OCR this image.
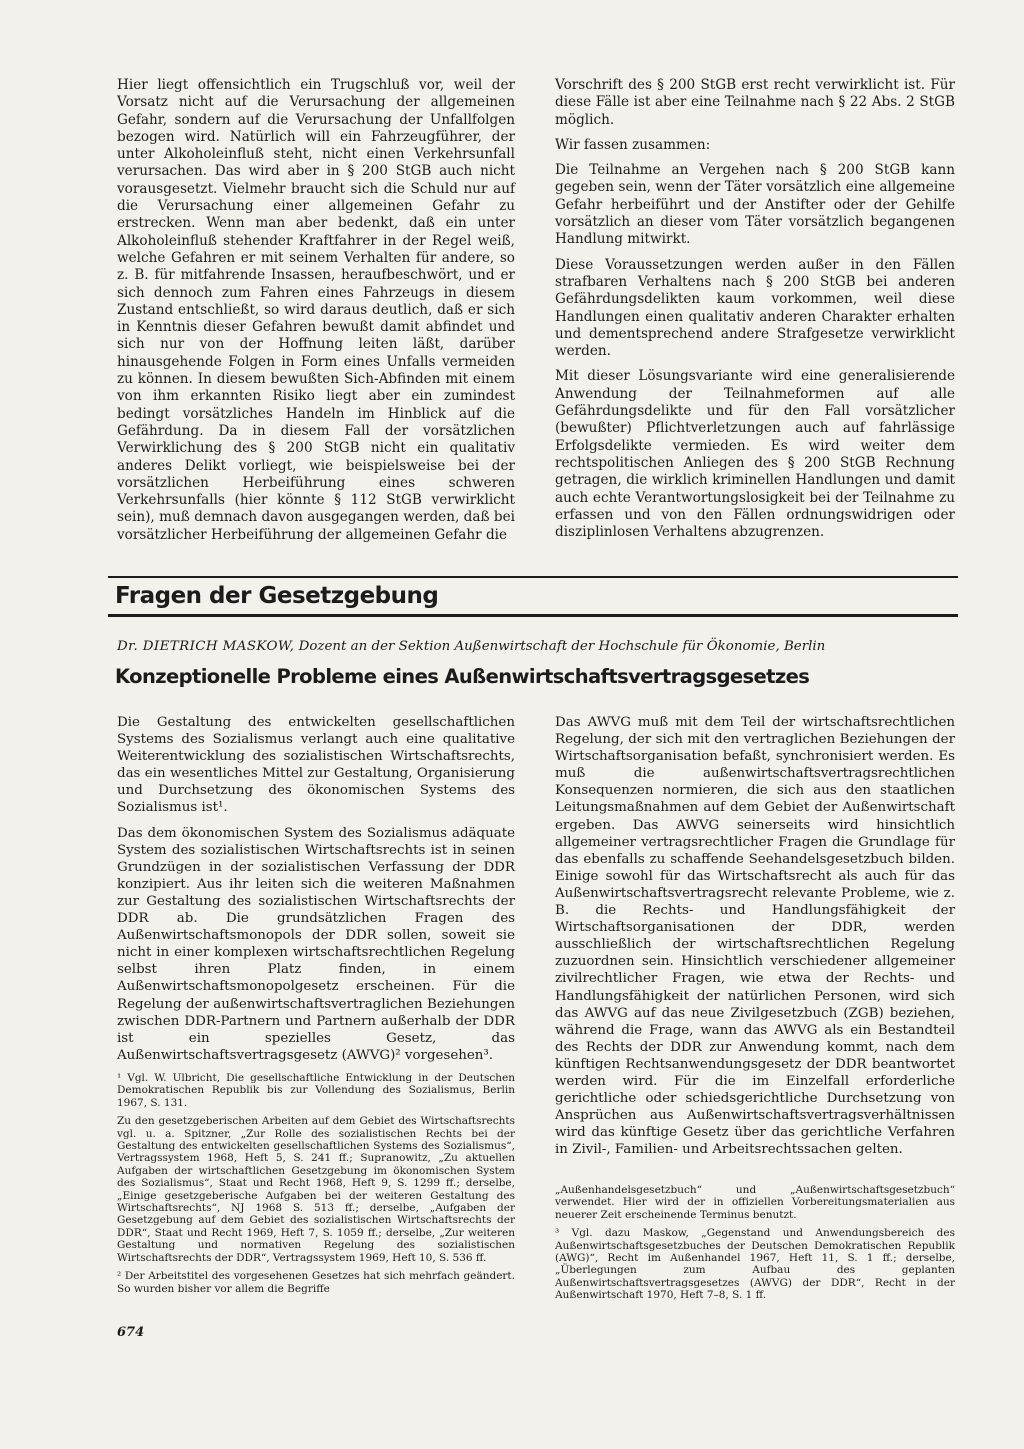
Hier liegt offensichtlich ein Trugschluß vor, weil der Vorsatz nicht auf die Verursachung der allgemeinen Gefahr, sondern auf die Verursachung der Unfallfolgen bezogen wird. Natürlich will ein Fahrzeugführer, der unter Alkoholeinfluß steht, nicht einen Verkehrsunfall verursachen. Das wird aber in § 200 StGB auch nicht vorausgesetzt. Vielmehr braucht sich die Schuld nur auf die Verursachung einer allgemeinen Gefahr zu erstrecken. Wenn man aber bedenkt, daß ein unter Alkoholeinfluß stehender Kraftfahrer in der Regel weiß, welche Gefahren er mit seinem Verhalten für andere, so z. B. für mitfahrende Insassen, heraufbeschwört, und er sich dennoch zum Fahren eines Fahrzeugs in diesem Zustand entschließt, so wird daraus deutlich, daß er sich in Kenntnis dieser Gefahren bewußt damit abfindet und sich nur von der Hoffnung leiten läßt, darüber hinausgehende Folgen in Form eines Unfalls vermeiden zu können. In diesem bewußten Sich-Abfinden mit einem von ihm erkannten Risiko liegt aber ein zumindest bedingt vorsätzliches Handeln im Hinblick auf die Gefährdung. Da in diesem Fall der vorsätzlichen Verwirklichung des § 200 StGB nicht ein qualitativ anderes Delikt vorliegt, wie beispielsweise bei der vorsätzlichen Herbeiführung eines schweren Verkehrsunfalls (hier könnte § 112 StGB verwirklicht sein), muß demnach davon ausgegangen werden, daß bei vorsätzlicher Herbeiführung der allgemeinen Gefahr die

Vorschrift des § 200 StGB erst recht verwirklicht ist. Für diese Fälle ist aber eine Teilnahme nach § 22 Abs. 2 StGB möglich.

Wir fassen zusammen:

Die Teilnahme an Vergehen nach § 200 StGB kann gegeben sein, wenn der Täter vorsätzlich eine allgemeine Gefahr herbeiführt und der Anstifter oder der Gehilfe vorsätzlich an dieser vom Täter vorsätzlich begangenen Handlung mitwirkt.

Diese Voraussetzungen werden außer in den Fällen strafbaren Verhaltens nach § 200 StGB bei anderen Gefährdungsdelikten kaum vorkommen, weil diese Handlungen einen qualitativ anderen Charakter erhalten und dementsprechend andere Strafgesetze verwirklicht werden.

Mit dieser Lösungsvariante wird eine generalisierende Anwendung der Teilnahmeformen auf alle Gefährdungsdelikte und für den Fall vorsätzlicher (bewußter) Pflichtverletzungen auch auf fahrlässige Erfolgsdelikte vermieden. Es wird weiter dem rechtspolitischen Anliegen des § 200 StGB Rechnung getragen, die wirklich kriminellen Handlungen und damit auch echte Verantwortungslosigkeit bei der Teilnahme zu erfassen und von den Fällen ordnungswidrigen oder disziplinlosen Verhaltens abzugrenzen.

Fragen der Gesetzgebung

Dr. DIETRICH MASKOW, Dozent an der Sektion Außenwirtschaft der Hochschule für Ökonomie, Berlin

Konzeptionelle Probleme eines Außenwirtschaftsvertragsgesetzes

Die Gestaltung des entwickelten gesellschaftlichen Systems des Sozialismus verlangt auch eine qualitative Weiterentwicklung des sozialistischen Wirtschaftsrechts, das ein wesentliches Mittel zur Gestaltung, Organisierung und Durchsetzung des ökonomischen Systems des Sozialismus ist¹.

Das dem ökonomischen System des Sozialismus adäquate System des sozialistischen Wirtschaftsrechts ist in seinen Grundzügen in der sozialistischen Verfassung der DDR konzipiert. Aus ihr leiten sich die weiteren Maßnahmen zur Gestaltung des sozialistischen Wirtschaftsrechts der DDR ab. Die grundsätzlichen Fragen des Außenwirtschaftsmonopols der DDR sollen, soweit sie nicht in einer komplexen wirtschaftsrechtlichen Regelung selbst ihren Platz finden, in einem Außenwirtschaftsmonopolgesetz erscheinen. Für die Regelung der außenwirtschaftsvertraglichen Beziehungen zwischen DDR-Partnern und Partnern außerhalb der DDR ist ein spezielles Gesetz, das Außenwirtschaftsvertragsgesetz (AWVG)² vorgesehen³.

Das AWVG muß mit dem Teil der wirtschaftsrechtlichen Regelung, der sich mit den vertraglichen Beziehungen der Wirtschaftsorganisation befaßt, synchronisiert werden. Es muß die außenwirtschaftsvertragsrechtlichen Konsequenzen normieren, die sich aus den staatlichen Leitungsmaßnahmen auf dem Gebiet der Außenwirtschaft ergeben. Das AWVG seinerseits wird hinsichtlich allgemeiner vertragsrechtlicher Fragen die Grundlage für das ebenfalls zu schaffende Seehandelsgesetzbuch bilden. Einige sowohl für das Wirtschaftsrecht als auch für das Außenwirtschaftsvertragsrecht relevante Probleme, wie z. B. die Rechts- und Handlungsfähigkeit der Wirtschaftsorganisationen der DDR, werden ausschließlich der wirtschaftsrechtlichen Regelung zuzuordnen sein. Hinsichtlich verschiedener allgemeiner zivilrechtlicher Fragen, wie etwa der Rechts- und Handlungsfähigkeit der natürlichen Personen, wird sich das AWVG auf das neue Zivilgesetzbuch (ZGB) beziehen, während die Frage, wann das AWVG als ein Bestandteil des Rechts der DDR zur Anwendung kommt, nach dem künftigen Rechtsanwendungsgesetz der DDR beantwortet werden wird. Für die im Einzelfall erforderliche gerichtliche oder schiedsgerichtliche Durchsetzung von Ansprüchen aus Außenwirtschaftsvertragsverhältnissen wird das künftige Gesetz über das gerichtliche Verfahren in Zivil-, Familien- und Arbeitsrechtssachen gelten.

¹ Vgl. W. Ulbricht, Die gesellschaftliche Entwicklung in der Deutschen Demokratischen Republik bis zur Vollendung des Sozialismus, Berlin 1967, S. 131.

Zu den gesetzgeberischen Arbeiten auf dem Gebiet des Wirtschaftsrechts vgl. u. a. Spitzner, „Zur Rolle des sozialistischen Rechts bei der Gestaltung des entwickelten gesellschaftlichen Systems des Sozialismus“, Vertragssystem 1968, Heft 5, S. 241 ff.; Supranowitz, „Zu aktuellen Aufgaben der wirtschaftlichen Gesetzgebung im ökonomischen System des Sozialismus“, Staat und Recht 1968, Heft 9, S. 1299 ff.; derselbe, „Einige gesetzgeberische Aufgaben bei der weiteren Gestaltung des Wirtschaftsrechts“, NJ 1968 S. 513 ff.; derselbe, „Aufgaben der Gesetzgebung auf dem Gebiet des sozialistischen Wirtschaftsrechts der DDR“, Staat und Recht 1969, Heft 7, S. 1059 ff.; derselbe, „Zur weiteren Gestaltung und normativen Regelung des sozialistischen Wirtschaftsrechts der DDR“, Vertragssystem 1969, Heft 10, S. 536 ff.

² Der Arbeitstitel des vorgesehenen Gesetzes hat sich mehrfach geändert. So wurden bisher vor allem die Begriffe

„Außenhandelsgesetzbuch“ und „Außenwirtschaftsgesetzbuch“ verwendet. Hier wird der in offiziellen Vorbereitungsmaterialien aus neuerer Zeit erscheinende Terminus benutzt.

³ Vgl. dazu Maskow, „Gegenstand und Anwendungsbereich des Außenwirtschaftsgesetzbuches der Deutschen Demokratischen Republik (AWG)“, Recht im Außenhandel 1967, Heft 11, S. 1 ff.; derselbe, „Überlegungen zum Aufbau des geplanten Außenwirtschaftsvertragsgesetzes (AWVG) der DDR“, Recht in der Außenwirtschaft 1970, Heft 7–8, S. 1 ff.

674
